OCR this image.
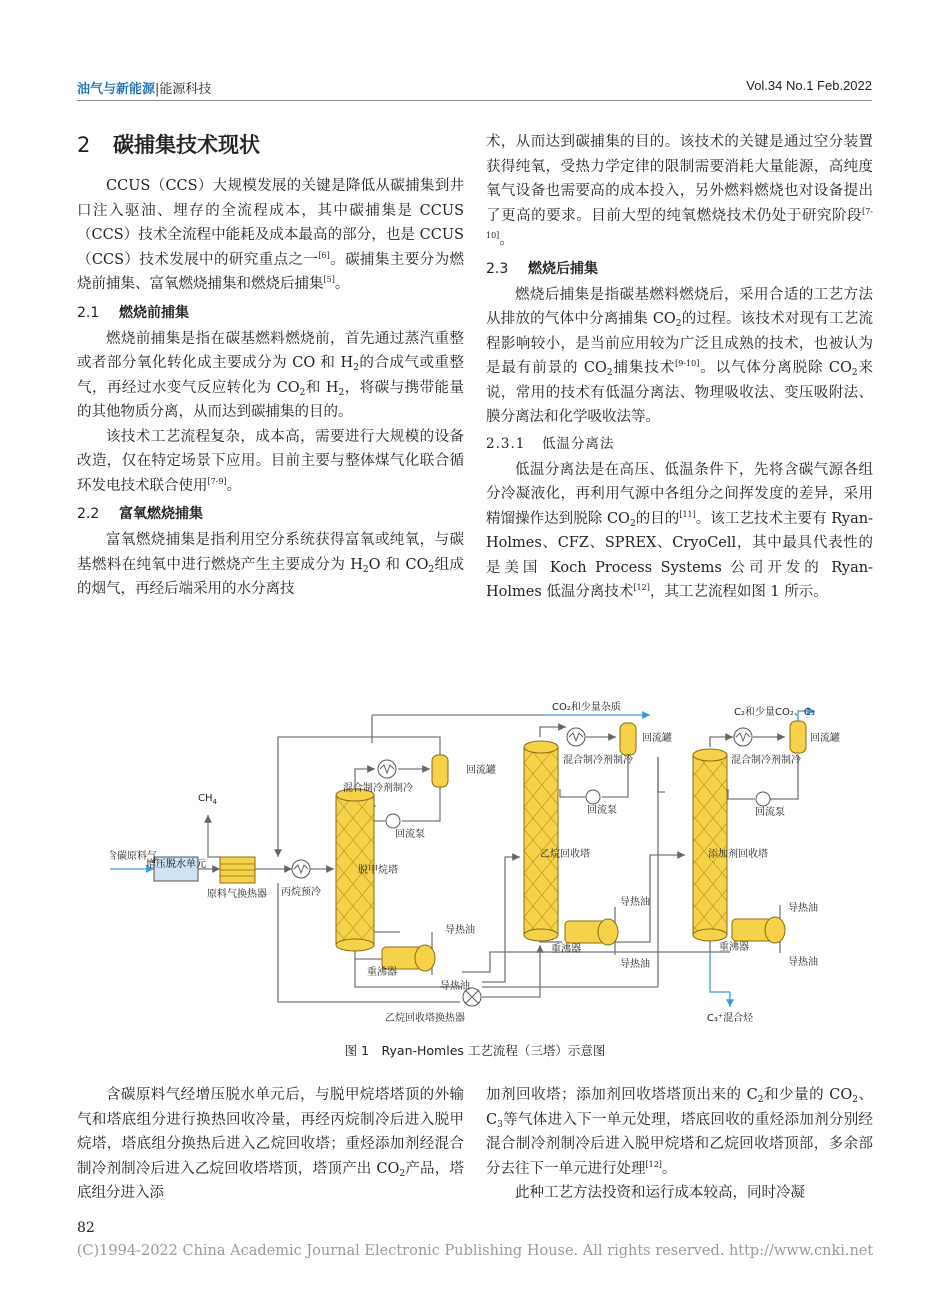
油气与新能源|能源科技	Vol.34 No.1 Feb.2022
2 碳捕集技术现状

CCUS（CCS）大规模发展的关键是降低从碳捕集到井口注入驱油、埋存的全流程成本，其中碳捕集是 CCUS（CCS）技术全流程中能耗及成本最高的部分，也是 CCUS（CCS）技术发展中的研究重点之一[6]。碳捕集主要分为燃烧前捕集、富氧燃烧捕集和燃烧后捕集[5]。

2.1 燃烧前捕集

燃烧前捕集是指在碳基燃料燃烧前，首先通过蒸汽重整或者部分氧化转化成主要成分为 CO 和 $H_2$的合成气或重整气，再经过水变气反应转化为 $CO_2$和 $H_2$，将碳与携带能量的其他物质分离，从而达到碳捕集的目的。

该技术工艺流程复杂，成本高，需要进行大规模的设备改造，仅在特定场景下应用。目前主要与整体煤气化联合循环发电技术联合使用[7-9]。

2.2 富氧燃烧捕集

富氧燃烧捕集是指利用空分系统获得富氧或纯氧，与碳基燃料在纯氧中进行燃烧产生主要成分为 $H_2O$ 和 $CO_2$组成的烟气，再经后端采用的水分离技

术，从而达到碳捕集的目的。该技术的关键是通过空分装置获得纯氧，受热力学定律的限制需要消耗大量能源，高纯度氧气设备也需要高的成本投入，另外燃料燃烧也对设备提出了更高的要求。目前大型的纯氧燃烧技术仍处于研究阶段[7-10]。

2.3 燃烧后捕集

燃烧后捕集是指碳基燃料燃烧后，采用合适的工艺方法从排放的气体中分离捕集 $CO_2$的过程。该技术对现有工艺流程影响较小，是当前应用较为广泛且成熟的技术，也被认为是最有前景的 $CO_2$捕集技术[9-10]。以气体分离脱除 $CO_2$来说，常用的技术有低温分离法、物理吸收法、变压吸附法、膜分离法和化学吸收法等。

2.3.1 低温分离法

低温分离法是在高压、低温条件下，先将含碳气源各组分冷凝液化，再利用气源中各组分之间挥发度的差异，采用精馏操作达到脱除 $CO_2$的目的[11]。该工艺技术主要有 Ryan-Holmes、CFZ、SPREX、CryoCell，其中最具代表性的是美国 Koch Process Systems 公司开发的 Ryan-Holmes 低温分离技术[12]，其工艺流程如图 1 所示。

增压脱水单元
含碳原料气
$CH_4$
原料气换热器 丙烷预冷
脱甲烷塔
混合制冷剂制冷
回流罐
回流泵
重沸器
导热油
导热油
乙烷回收塔换热器
CO₂和少量杂质
乙烷回收塔
混合制冷剂制冷
回流罐
回流泵
重沸器
导热油
导热油
C₂和少量CO₂、C₃
添加剂回收塔
混合制冷剂制冷
回流罐
回流泵
重沸器
导热油
导热油
C₃⁺混合烃
图 1　Ryan-Homles 工艺流程（三塔）示意图

含碳原料气经增压脱水单元后，与脱甲烷塔塔顶的外输气和塔底组分进行换热回收冷量，再经丙烷制冷后进入脱甲烷塔，塔底组分换热后进入乙烷回收塔；重烃添加剂经混合制冷剂制冷后进入乙烷回收塔塔顶，塔顶产出 $CO_2$产品，塔底组分进入添

加剂回收塔；添加剂回收塔塔顶出来的 $C_2$和少量的 $CO_2$、$C_3$等气体进入下一单元处理，塔底回收的重烃添加剂分别经混合制冷剂制冷后进入脱甲烷塔和乙烷回收塔顶部，多余部分去往下一单元进行处理[12]。

此种工艺方法投资和运行成本较高，同时冷凝

82
(C)1994-2022 China Academic Journal Electronic Publishing House. All rights reserved. http://www.cnki.net
